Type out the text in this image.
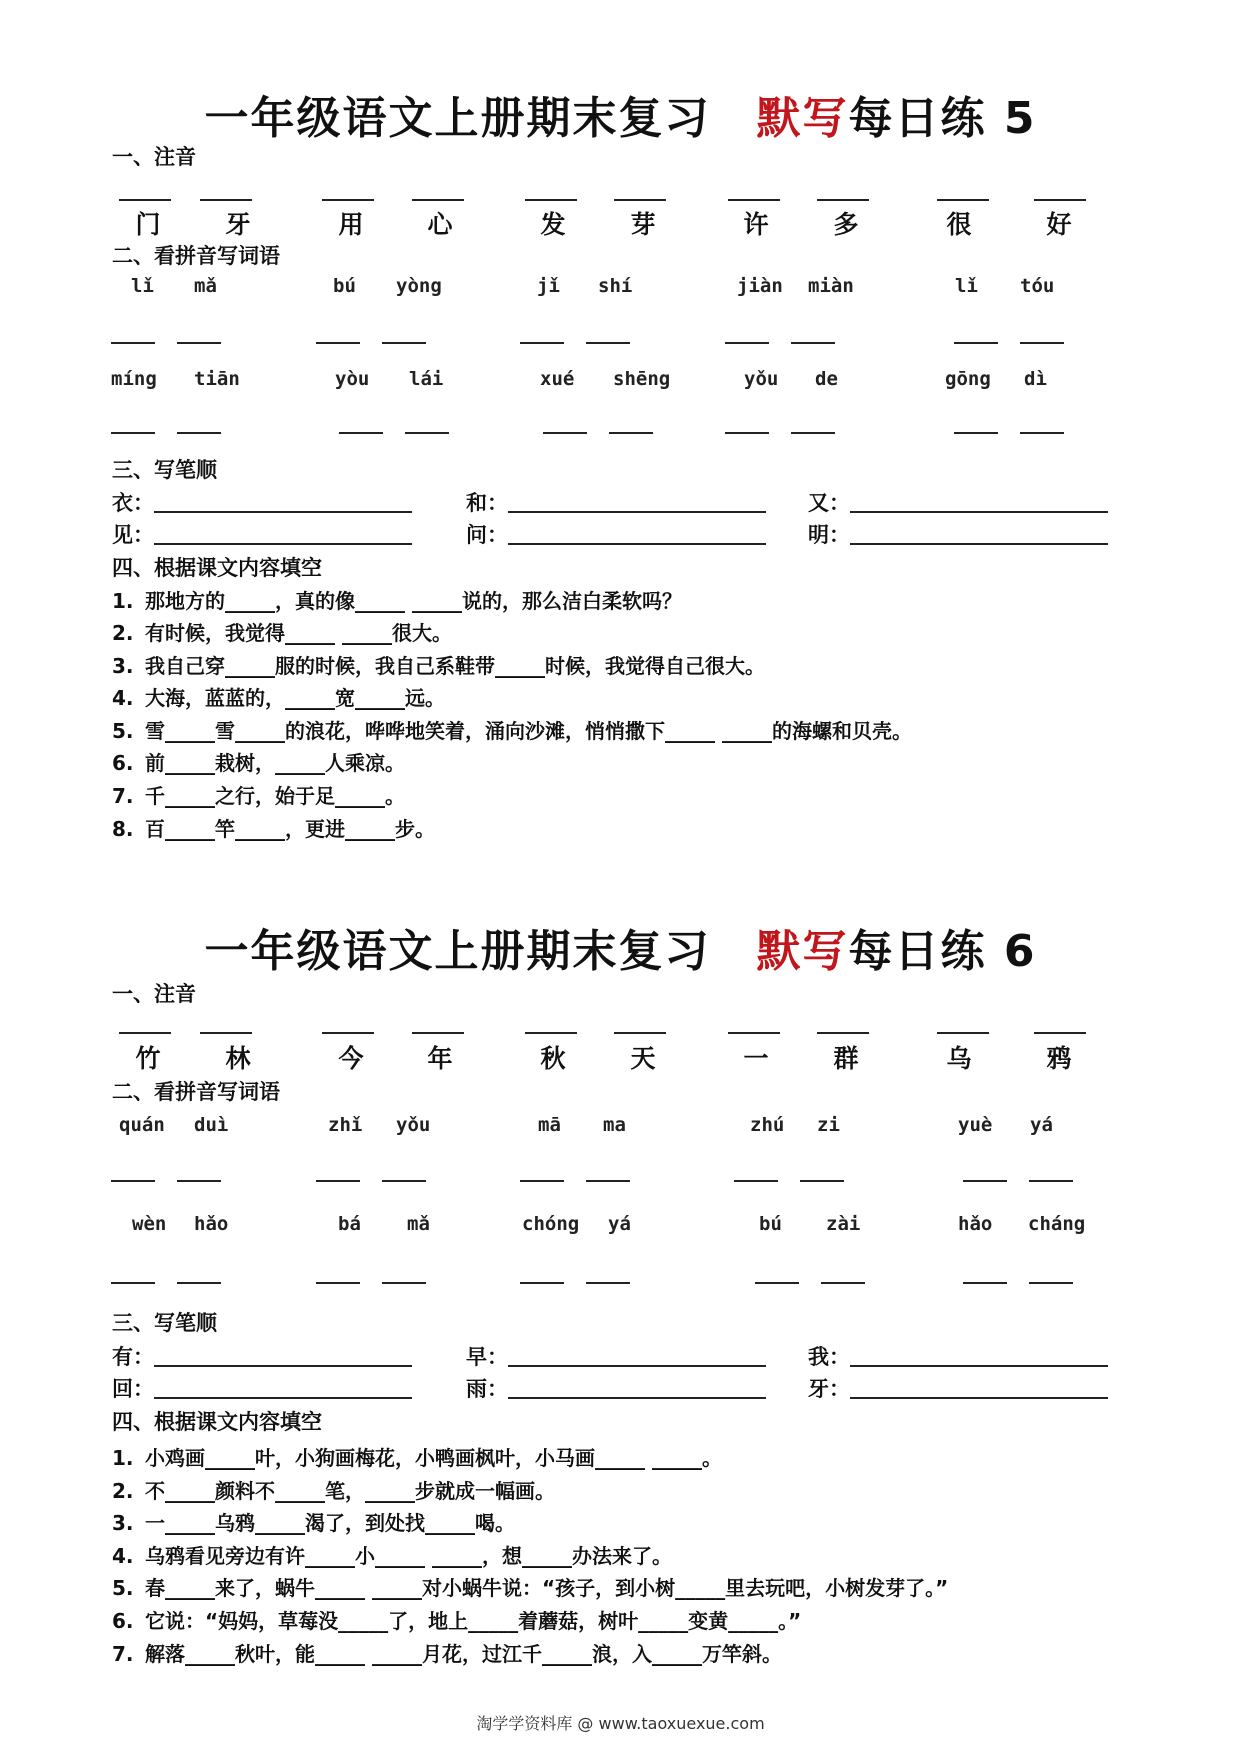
一年级语文上册期末复习 默写每日练 5
一、注音
门	牙	用	心	发	芽	许	多	很	好
二、看拼音写词语
lǐ mǎ	bú yòng	jǐ shí	jiàn miàn	lǐ tóu
míng tiān	yòu lái	xué shēng	yǒu de	gōng dì
三、写笔顺
衣：	和：	又：
见：	问：	明：
四、根据课文内容填空
1. 那地方的_____，真的像_____ _____说的，那么洁白柔软吗？
2. 有时候，我觉得_____ _____很大。
3. 我自己穿_____服的时候，我自己系鞋带_____时候，我觉得自己很大。
4. 大海，蓝蓝的，_____宽_____远。
5. 雪_____雪_____的浪花，哗哗地笑着，涌向沙滩，悄悄撒下_____ _____的海螺和贝壳。
6. 前_____栽树，_____人乘凉。
7. 千_____之行，始于足_____。
8. 百_____竿_____，更进_____步。
一年级语文上册期末复习 默写每日练 6
一、注音
竹	林	今	年	秋	天	一	群	乌	鸦
二、看拼音写词语
quán duì	zhǐ yǒu	mā ma	zhú zi	yuè yá
wèn hǎo	bá mǎ	chóng yá	bú zài	hǎo cháng
三、写笔顺
有：	早：	我：
回：	雨：	牙：
四、根据课文内容填空
1. 小鸡画_____叶，小狗画梅花，小鸭画枫叶，小马画_____ _____。
2. 不_____颜料不_____笔，_____步就成一幅画。
3. 一_____乌鸦_____渴了，到处找_____喝。
4. 乌鸦看见旁边有许_____小_____ _____，想_____办法来了。
5. 春_____来了，蜗牛_____ _____对小蜗牛说：“孩子，到小树_____里去玩吧，小树发芽了。”
6. 它说：“妈妈，草莓没_____了，地上_____着蘑菇，树叶_____变黄_____。”
7. 解落_____秋叶，能_____ _____月花，过江千_____浪，入_____万竿斜。
淘学学资料库 @ www.taoxuexue.com
